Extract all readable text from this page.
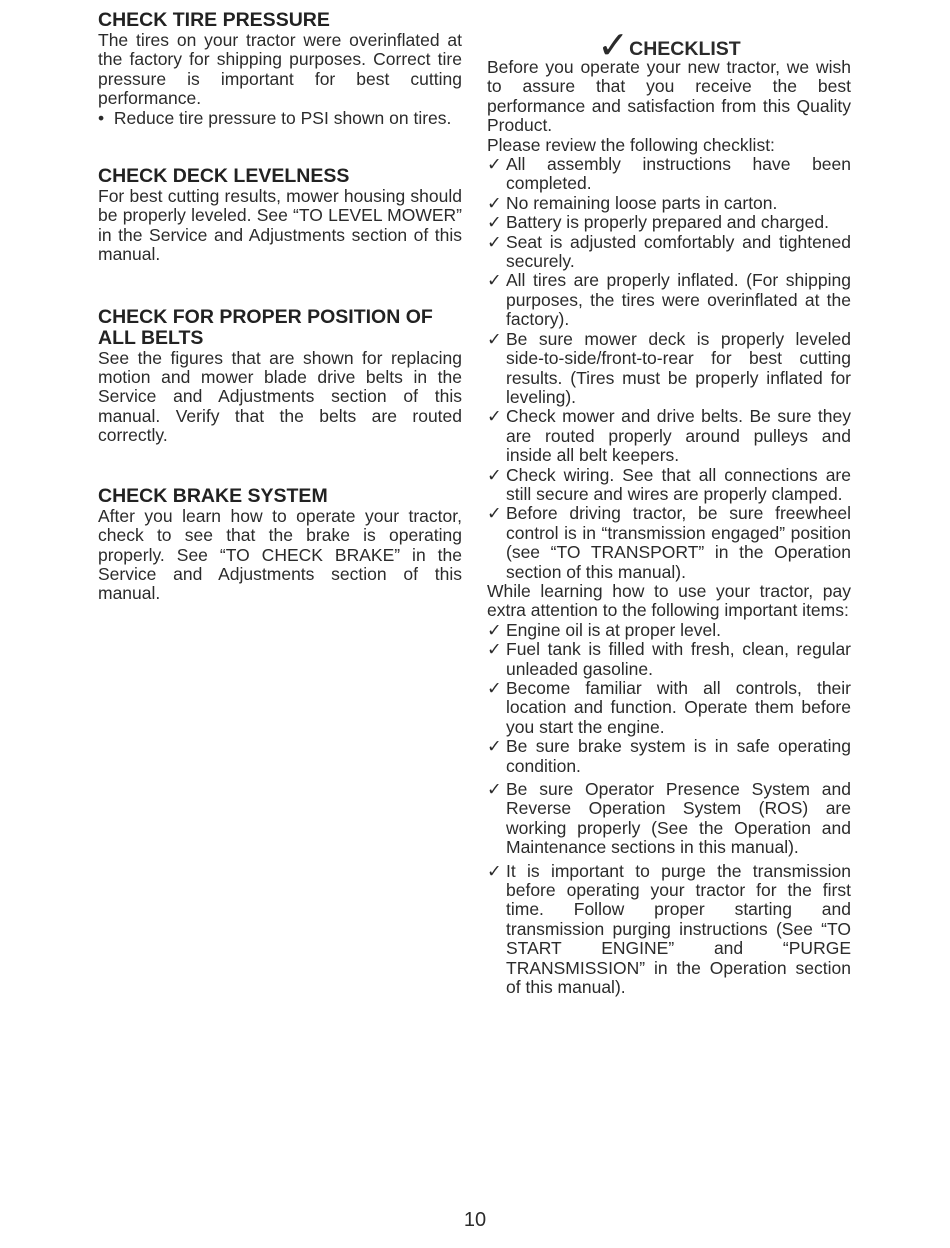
CHECK TIRE PRESSURE

The tires on your tractor were overinflated at the factory for shipping purposes. Correct tire pressure is important for best cutting performance.

• Reduce tire pressure to PSI shown on tires.

CHECK DECK LEVELNESS

For best cutting results, mower housing should be properly leveled. See “TO LEVEL MOWER” in the Service and Adjustments section of this manual.

CHECK FOR PROPER POSITION OF ALL BELTS

See the figures that are shown for replacing motion and mower blade drive belts in the Service and Adjustments section of this manual. Verify that the belts are routed correctly.

CHECK BRAKE SYSTEM

After you learn how to operate your tractor, check to see that the brake is operating properly. See “TO CHECK BRAKE” in the Service and Adjustments section of this manual.

✓CHECKLIST

Before you operate your new tractor, we wish to assure that you receive the best performance and satisfaction from this Quality Product.

Please review the following checklist:

✓ All assembly instructions have been completed.
✓ No remaining loose parts in carton.
✓ Battery is properly prepared and charged.
✓ Seat is adjusted comfortably and tightened securely.
✓ All tires are properly inflated. (For shipping purposes, the tires were overinflated at the factory).
✓ Be sure mower deck is properly leveled side-to-side/front-to-rear for best cutting results. (Tires must be properly inflated for leveling).
✓ Check mower and drive belts. Be sure they are routed properly around pulleys and inside all belt keepers.
✓ Check wiring. See that all connections are still secure and wires are properly clamped.
✓ Before driving tractor, be sure freewheel control is in “transmission engaged” position (see “TO TRANSPORT” in the Operation section of this manual).

While learning how to use your tractor, pay extra attention to the following important items:

✓ Engine oil is at proper level.
✓ Fuel tank is filled with fresh, clean, regular unleaded gasoline.
✓ Become familiar with all controls, their location and function. Operate them before you start the engine.
✓ Be sure brake system is in safe operating condition.
✓ Be sure Operator Presence System and Reverse Operation System (ROS) are working properly (See the Operation and Maintenance sections in this manual).
✓ It is important to purge the transmission before operating your tractor for the first time. Follow proper starting and transmission purging instructions (See “TO START ENGINE” and “PURGE TRANSMISSION” in the Operation section of this manual).
10
